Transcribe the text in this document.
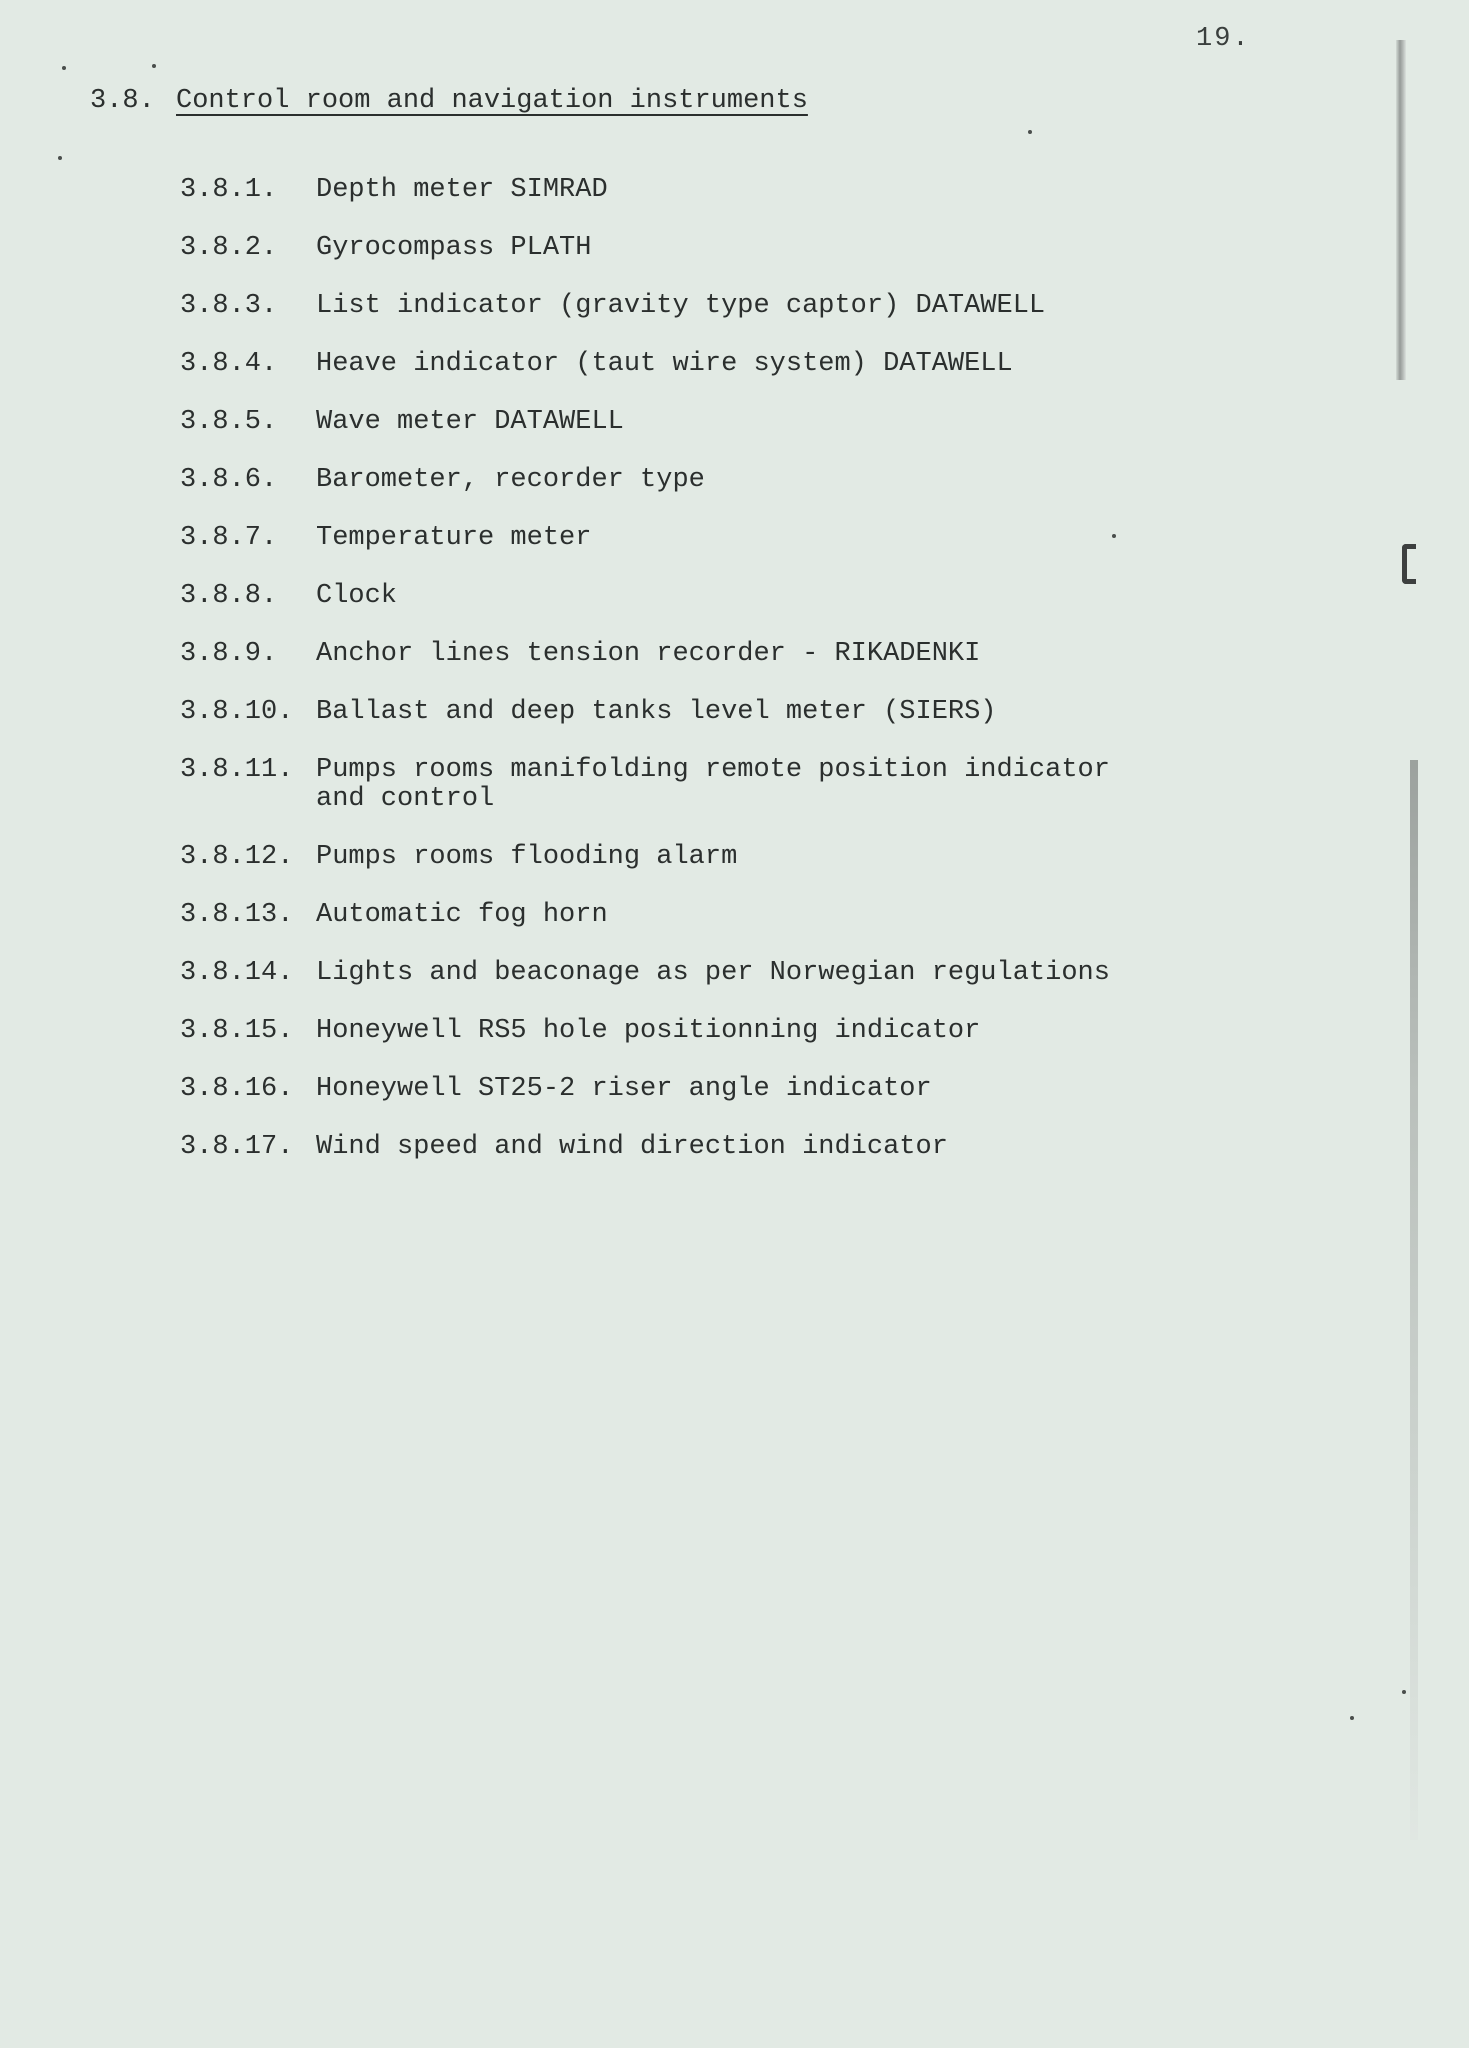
19.
3.8. Control room and navigation instruments
3.8.1.	Depth meter SIMRAD
3.8.2.	Gyrocompass PLATH
3.8.3.	List indicator (gravity type captor) DATAWELL
3.8.4.	Heave indicator (taut wire system) DATAWELL
3.8.5.	Wave meter DATAWELL
3.8.6.	Barometer, recorder type
3.8.7.	Temperature meter
3.8.8.	Clock
3.8.9.	Anchor lines tension recorder - RIKADENKI
3.8.10. Ballast and deep tanks level meter (SIERS)
3.8.11. Pumps rooms manifolding remote position indicator
and control
3.8.12. Pumps rooms flooding alarm
3.8.13. Automatic fog horn
3.8.14. Lights and beaconage as per Norwegian regulations
3.8.15. Honeywell RS5 hole positionning indicator
3.8.16. Honeywell ST25-2 riser angle indicator
3.8.17. Wind speed and wind direction indicator
